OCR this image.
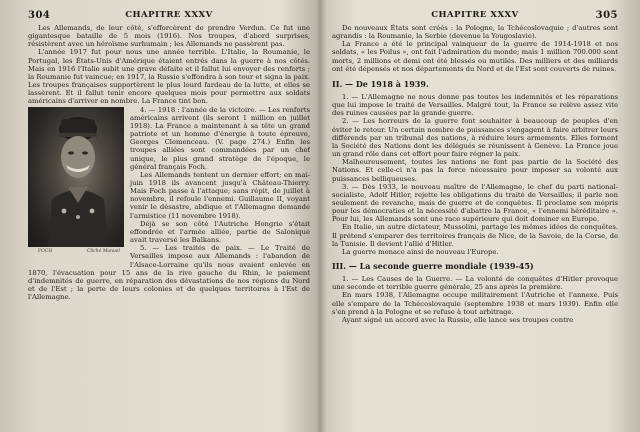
304	CHAPITRE XXXV

Les Allemands, de leur côté, s'efforcèrent de prendre Verdun. Ce fut une gigantesque bataille de 5 mois (1916). Nos troupes, d'abord surprises, résistèrent avec un héroïsme surhumain ; les Allemands ne passèrent pas.

L'année 1917 fut pour nous une année terrible. L'Italie, la Roumanie, le Portugal, les États-Unis d'Amérique étaient entrés dans la guerre à nos côtés. Mais en 1916 l'Italie subit une grave défaite et il fallut lui envoyer des renforts ; la Roumanie fut vaincue; en 1917, la Russie s'effondra à son tour et signa la paix. Les troupes françaises supportèrent le plus lourd fardeau de la lutte, et elles se lassèrent. Et il fallut tenir encore quelques mois pour permettre aux soldats américains d'arriver en nombre. La France tint bon.

FOCH	Cliché Manuel

4. — 1918 : l'année de la victoire. — Les renforts américains arrivent (ils seront 1 million en juillet 1918). La France a maintenant à sa tête un grand patriote et un homme d'énergie à toute épreuve, Georges Clemenceau. (V. page 274.) Enfin les troupes alliées sont commandées par un chef unique, le plus grand stratège de l'époque, le général français Foch.

Les Allemands tentent un dernier effort; en mai-juin 1918 ils avancent jusqu'à Château-Thierry. Mais Foch passe à l'attaque; sans répit, de juillet à novembre, il refoule l'ennemi. Guillaume II, voyant venir le désastre, abdique et l'Allemagne demande l'armistice (11 novembre 1918).

Déjà se son côté l'Autriche Hongrie s'était effondrée et l'armée alliée, partie de Salonique avait traversé les Balkans.

5. — Les traités de paix. — Le Traité de Versailles impose aux Allemands : l'abandon de l'Alsace-Lorraine qu'ils nous avaient enlevée en 1870, l'évacuation pour 15 ans de la rive gauche du Rhin, le paiement d'indemnités de guerre, en réparation des dévastations de nos régions du Nord et de l'Est ; la perte de leurs colonies et de quelques territoires à l'Est de l'Allemagne.

CHAPITRE XXXV	305

De nouveaux États sont créés : la Pologne, la Tchécoslovaquie ; d'autres sont agrandis : la Roumanie, la Serbie (devenue la Yougoslavie).

La France a été le principal vainqueur de la guerre de 1914-1918 et nos soldats, « les Poilus », ont fait l'admiration du monde; mais 1 million 700.000 sont morts, 2 millions et demi ont été blessés ou mutilés. Des milliers et des milliards ont été dépensés et nos départements du Nord et de l'Est sont couverts de ruines.

II. — De 1918 à 1939.

1. — L'Allemagne ne nous donne pas toutes les indemnités et les réparations que lui impose le traité de Versailles. Malgré tout, la France se relève assez vite des ruines causées par la grande guerre.

2. — Les horreurs de la guerre font souhaiter à beaucoup de peuples d'en éviter le retour. Un certain nombre de puissances s'engagent à faire arbitrer leurs différends par un tribunal des nations, à réduire leurs armements. Elles forment la Société des Nations dont les délégués se réunissent à Genève. La France joue un grand rôle dans cet effort pour faire régner la paix.

Malheureusement, toutes les nations ne font pas partie de la Société des Nations. Et celle-ci n'a pas la force nécessaire pour imposer sa volonté aux puissances belliqueuses.

3. — Dès 1933, le nouveau maître de l'Allemagne, le chef du parti national-socialiste, Adolf Hitler, rejette les obligations du traité de Versailles; il parle non seulement de revanche, mais de guerre et de conquêtes. Il proclame son mépris pour les démocraties et la nécessité d'abattre la France, « l'ennemi héréditaire ». Pour lui, les Allemands sont une race supérieure qui doit dominer en Europe.

En Italie, un autre dictateur, Mussolini, partage les mêmes idées de conquêtes. Il prétend s'emparer des territoires français de Nice, de la Savoie, de la Corse, de la Tunisie. Il devient l'allié d'Hitler.

La guerre menace ainsi de nouveau l'Europe.

III. — La seconde guerre mondiale (1939-45)

1. — Les Causes de la Guerre. — La volonté de conquêtes d'Hitler provoque une seconde et terrible guerre générale, 25 ans après la première.

En mars 1938, l'Allemagne occupe militairement l'Autriche et l'annexe. Puis elle s'empare de la Tchécoslovaquie (septembre 1938 et mars 1939). Enfin elle s'en prend à la Pologne et se refuse à tout arbitrage.

Ayant signé un accord avec la Russie, elle lance ses troupes contre
